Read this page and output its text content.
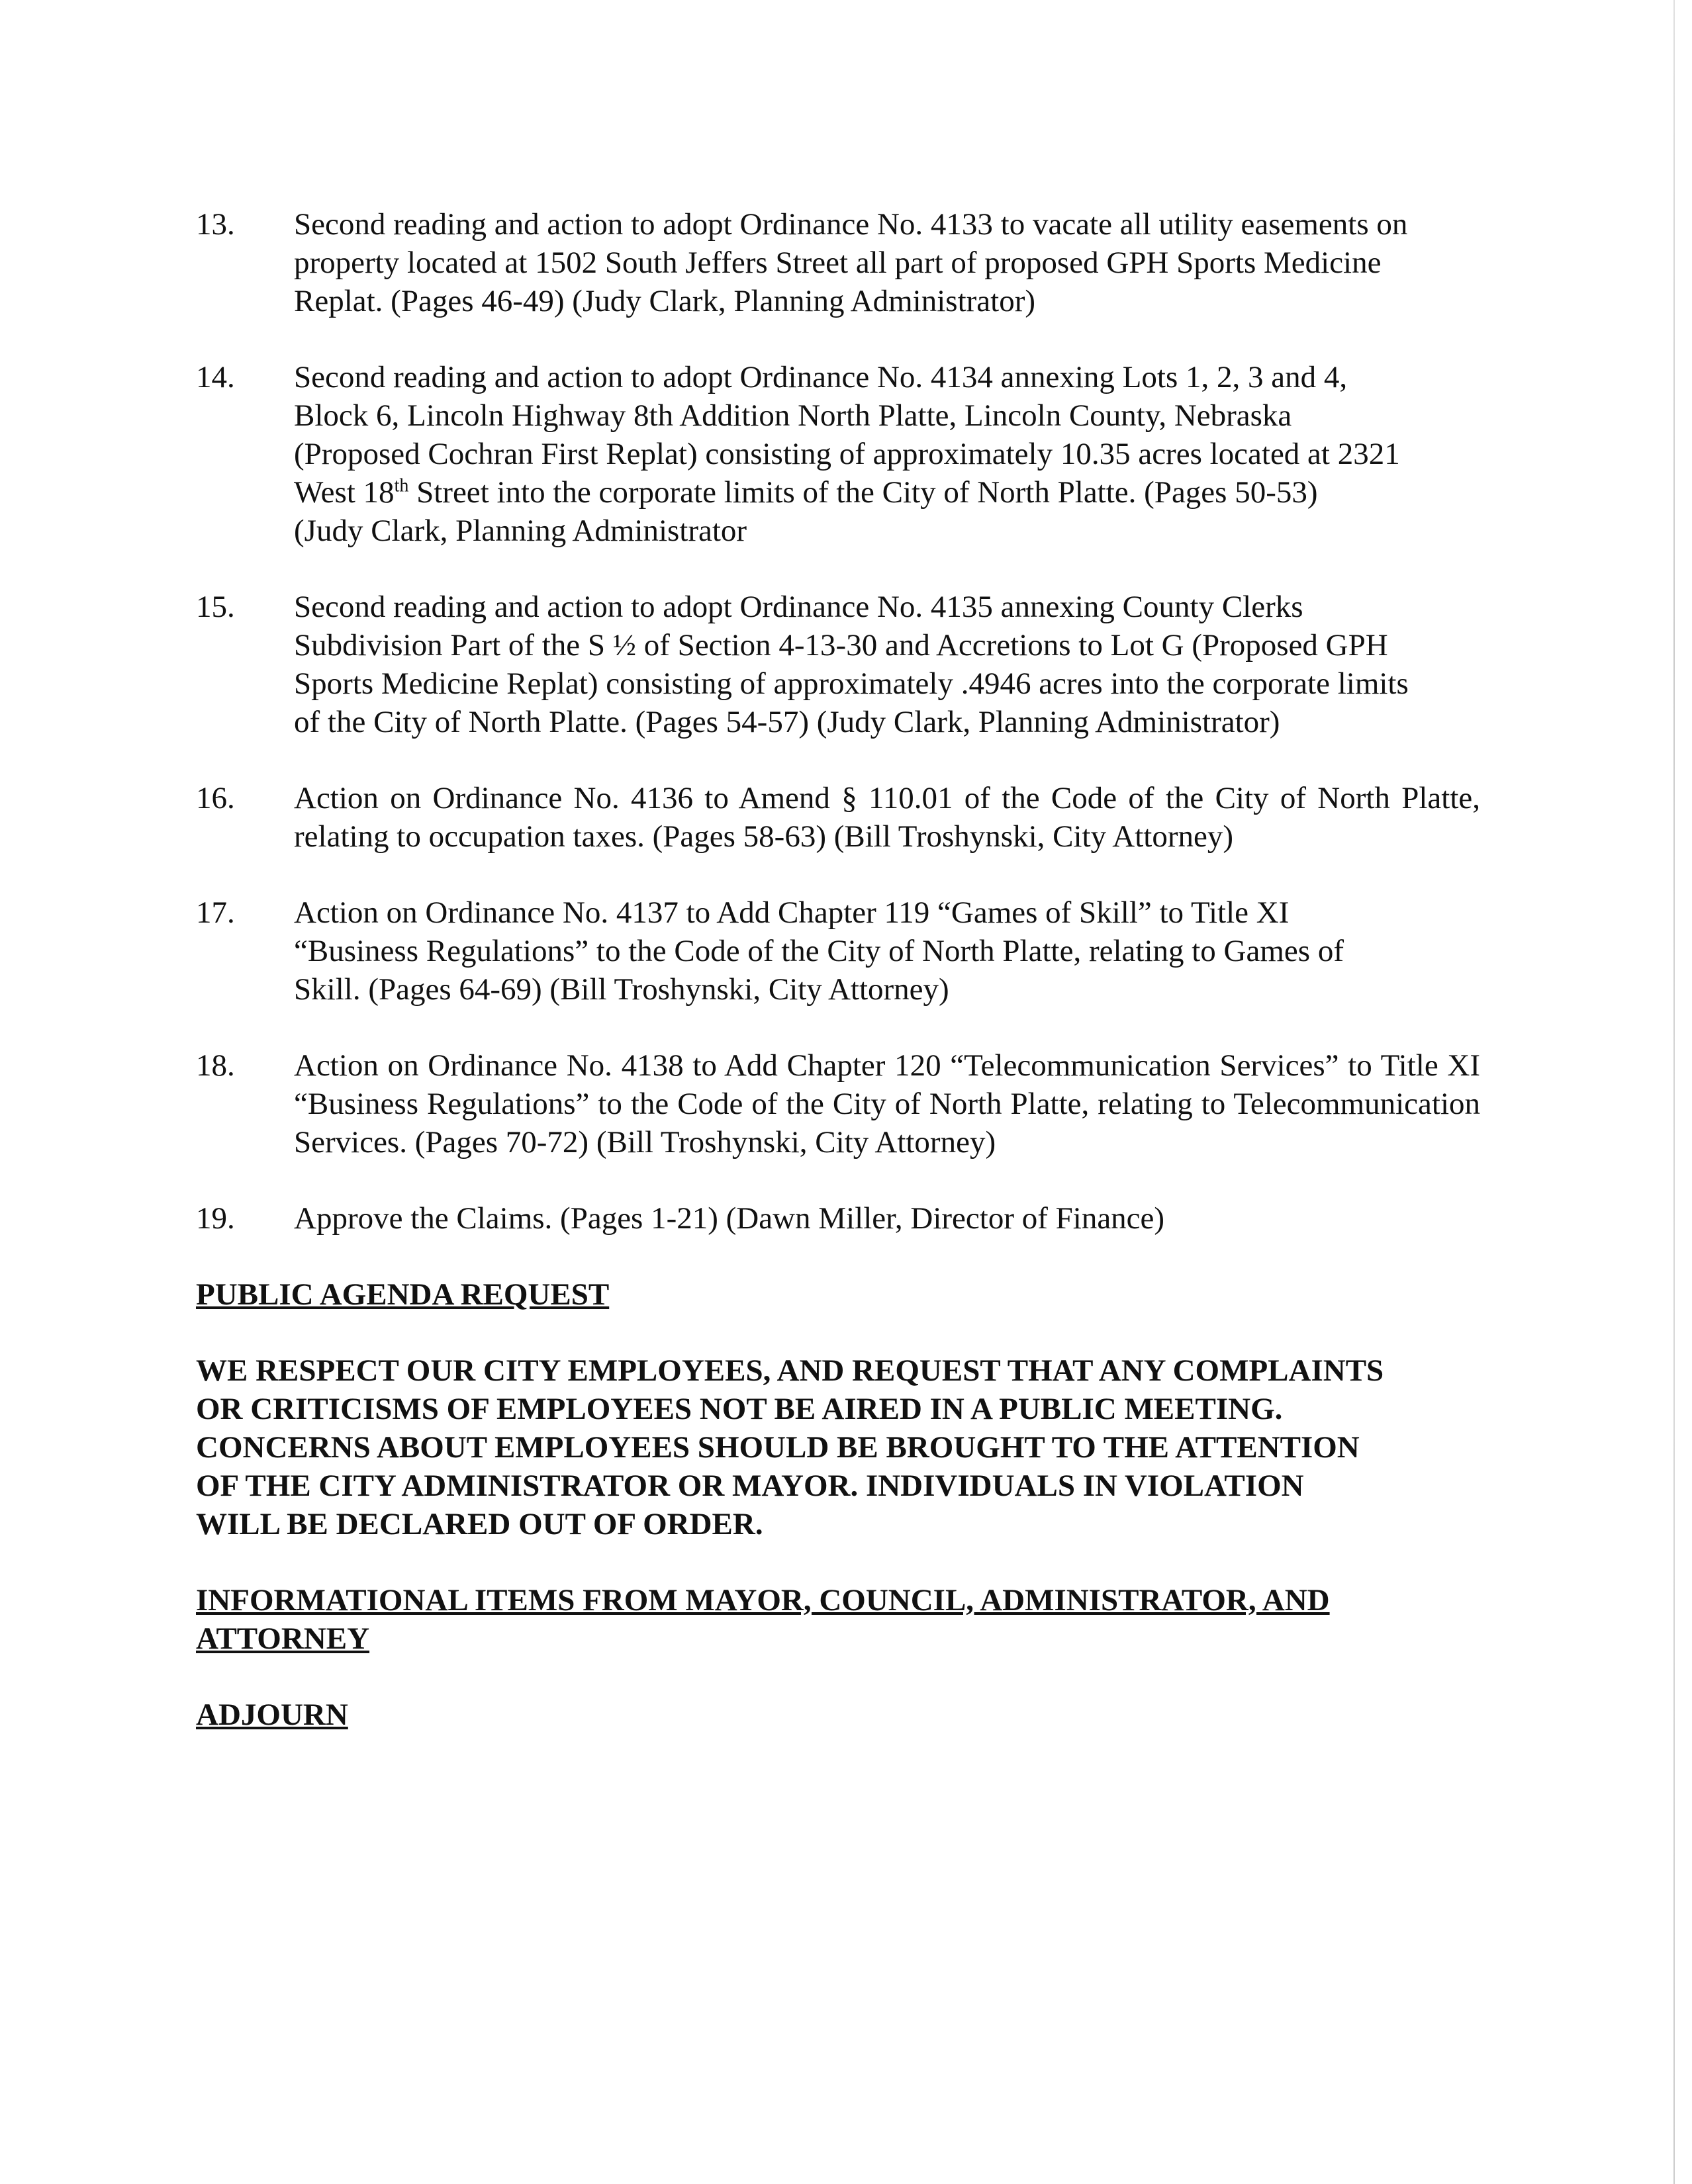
13.	Second reading and action to adopt Ordinance No. 4133 to vacate all utility easements on
property located at 1502 South Jeffers Street all part of proposed GPH Sports Medicine
Replat. (Pages 46-49) (Judy Clark, Planning Administrator)
14.	Second reading and action to adopt Ordinance No. 4134 annexing Lots 1, 2, 3 and 4,
Block 6, Lincoln Highway 8th Addition North Platte, Lincoln County, Nebraska
(Proposed Cochran First Replat) consisting of approximately 10.35 acres located at 2321
West 18th Street into the corporate limits of the City of North Platte. (Pages 50-53)
(Judy Clark, Planning Administrator
15.	Second reading and action to adopt Ordinance No. 4135 annexing County Clerks
Subdivision Part of the S ½ of Section 4-13-30 and Accretions to Lot G (Proposed GPH
Sports Medicine Replat) consisting of approximately .4946 acres into the corporate limits
of the City of North Platte. (Pages 54-57) (Judy Clark, Planning Administrator)
16.	Action on Ordinance No. 4136 to Amend § 110.01 of the Code of the City of North Platte, relating to occupation taxes. (Pages 58-63) (Bill Troshynski, City Attorney)
17.	Action on Ordinance No. 4137 to Add Chapter 119 “Games of Skill” to Title XI
“Business Regulations” to the Code of the City of North Platte, relating to Games of
Skill. (Pages 64-69) (Bill Troshynski, City Attorney)
18.	Action on Ordinance No. 4138 to Add Chapter 120 “Telecommunication Services” to Title XI “Business Regulations” to the Code of the City of North Platte, relating to Telecommunication Services. (Pages 70-72) (Bill Troshynski, City Attorney)
19.	Approve the Claims. (Pages 1-21) (Dawn Miller, Director of Finance)
PUBLIC AGENDA REQUEST
WE RESPECT OUR CITY EMPLOYEES, AND REQUEST THAT ANY COMPLAINTS
OR CRITICISMS OF EMPLOYEES NOT BE AIRED IN A PUBLIC MEETING.
CONCERNS ABOUT EMPLOYEES SHOULD BE BROUGHT TO THE ATTENTION
OF THE CITY ADMINISTRATOR OR MAYOR. INDIVIDUALS IN VIOLATION
WILL BE DECLARED OUT OF ORDER.
INFORMATIONAL ITEMS FROM MAYOR, COUNCIL, ADMINISTRATOR, AND
ATTORNEY
ADJOURN
